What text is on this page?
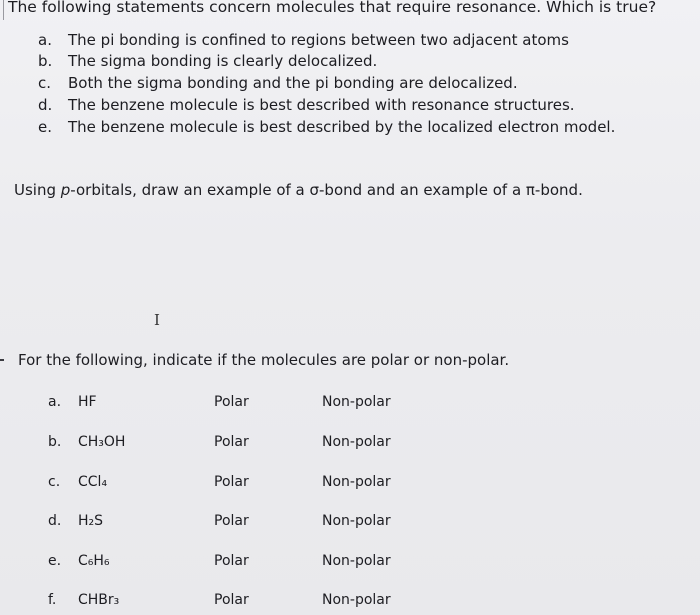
The following statements concern molecules that require resonance. Which is true?
a. The pi bonding is confined to regions between two adjacent atoms
b. The sigma bonding is clearly delocalized.
c. Both the sigma bonding and the pi bonding are delocalized.
d. The benzene molecule is best described with resonance structures.
e. The benzene molecule is best described by the localized electron model.
Using p-orbitals, draw an example of a σ-bond and an example of a π-bond.
I
For the following, indicate if the molecules are polar or non-polar.
a. HF	Polar	Non-polar
b. CH₃OH	Polar	Non-polar
c. CCl₄	Polar	Non-polar
d. H₂S	Polar	Non-polar
e. C₆H₆	Polar	Non-polar
f. CHBr₃	Polar	Non-polar
